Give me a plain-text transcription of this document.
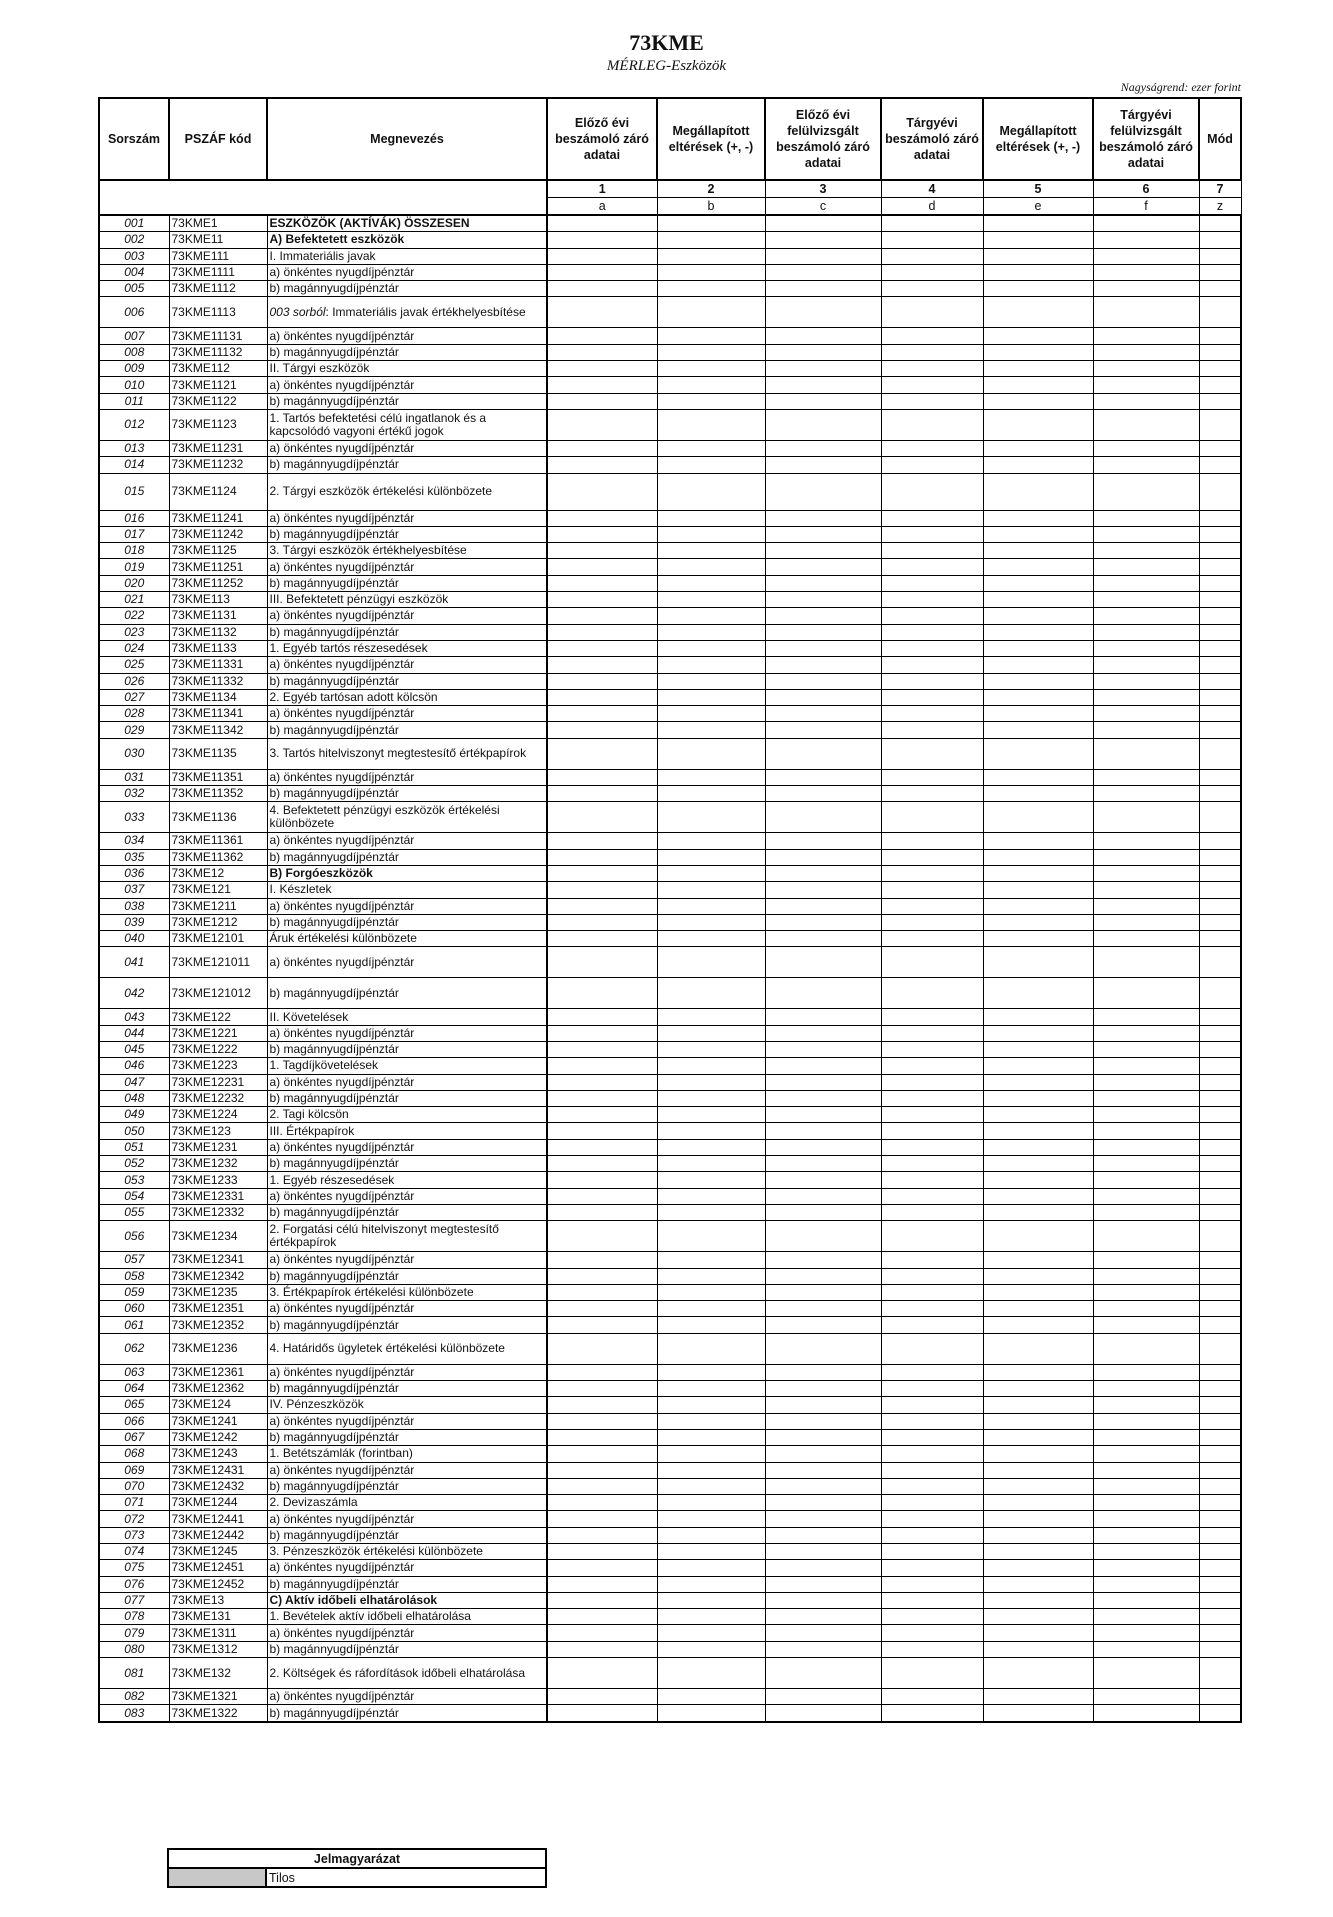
73KME
MÉRLEG-Eszközök
Nagyságrend: ezer forint
Sorszám	PSZÁF kód	Megnevezés	Előző évi beszámoló záró adatai	Megállapított eltérések (+, -)	Előző évi felülvizsgált beszámoló záró adatai	Tárgyévi beszámoló záró adatai	Megállapított eltérések (+, -)	Tárgyévi felülvizsgált beszámoló záró adatai	Mód
			1	2	3	4	5	6	7
			a	b	c	d	e	f	z
001	73KME1	ESZKÖZÖK (AKTÍVÁK) ÖSSZESEN							
002	73KME11	A) Befektetett eszközök							
003	73KME111	I. Immateriális javak							
004	73KME1111	a) önkéntes nyugdíjpénztár							
005	73KME1112	b) magánnyugdíjpénztár							
006	73KME1113	003 sorból: Immateriális javak értékhelyesbítése							
007	73KME11131	a) önkéntes nyugdíjpénztár							
008	73KME11132	b) magánnyugdíjpénztár							
009	73KME112	II. Tárgyi eszközök							
010	73KME1121	a) önkéntes nyugdíjpénztár							
011	73KME1122	b) magánnyugdíjpénztár							
012	73KME1123	1. Tartós befektetési célú ingatlanok és a kapcsolódó vagyoni értékű jogok							
013	73KME11231	a) önkéntes nyugdíjpénztár							
014	73KME11232	b) magánnyugdíjpénztár							
015	73KME1124	2. Tárgyi eszközök értékelési különbözete							
016	73KME11241	a) önkéntes nyugdíjpénztár							
017	73KME11242	b) magánnyugdíjpénztár							
018	73KME1125	3. Tárgyi eszközök értékhelyesbítése							
019	73KME11251	a) önkéntes nyugdíjpénztár							
020	73KME11252	b) magánnyugdíjpénztár							
021	73KME113	III. Befektetett pénzügyi eszközök							
022	73KME1131	a) önkéntes nyugdíjpénztár							
023	73KME1132	b) magánnyugdíjpénztár							
024	73KME1133	1. Egyéb tartós részesedések							
025	73KME11331	a) önkéntes nyugdíjpénztár							
026	73KME11332	b) magánnyugdíjpénztár							
027	73KME1134	2. Egyéb tartósan adott kölcsön							
028	73KME11341	a) önkéntes nyugdíjpénztár							
029	73KME11342	b) magánnyugdíjpénztár							
030	73KME1135	3. Tartós hitelviszonyt megtestesítő értékpapírok							
031	73KME11351	a) önkéntes nyugdíjpénztár							
032	73KME11352	b) magánnyugdíjpénztár							
033	73KME1136	4. Befektetett pénzügyi eszközök értékelési különbözete							
034	73KME11361	a) önkéntes nyugdíjpénztár							
035	73KME11362	b) magánnyugdíjpénztár							
036	73KME12	B) Forgóeszközök							
037	73KME121	I. Készletek							
038	73KME1211	a) önkéntes nyugdíjpénztár							
039	73KME1212	b) magánnyugdíjpénztár							
040	73KME12101	Áruk értékelési különbözete							
041	73KME121011	a) önkéntes nyugdíjpénztár							
042	73KME121012	b) magánnyugdíjpénztár							
043	73KME122	II. Követelések							
044	73KME1221	a) önkéntes nyugdíjpénztár							
045	73KME1222	b) magánnyugdíjpénztár							
046	73KME1223	1. Tagdíjkövetelések							
047	73KME12231	a) önkéntes nyugdíjpénztár							
048	73KME12232	b) magánnyugdíjpénztár							
049	73KME1224	2. Tagi kölcsön							
050	73KME123	III. Értékpapírok							
051	73KME1231	a) önkéntes nyugdíjpénztár							
052	73KME1232	b) magánnyugdíjpénztár							
053	73KME1233	1. Egyéb részesedések							
054	73KME12331	a) önkéntes nyugdíjpénztár							
055	73KME12332	b) magánnyugdíjpénztár							
056	73KME1234	2. Forgatási célú hitelviszonyt megtestesítő értékpapírok							
057	73KME12341	a) önkéntes nyugdíjpénztár							
058	73KME12342	b) magánnyugdíjpénztár							
059	73KME1235	3. Értékpapírok értékelési különbözete							
060	73KME12351	a) önkéntes nyugdíjpénztár							
061	73KME12352	b) magánnyugdíjpénztár							
062	73KME1236	4. Határidős ügyletek értékelési különbözete							
063	73KME12361	a) önkéntes nyugdíjpénztár							
064	73KME12362	b) magánnyugdíjpénztár							
065	73KME124	IV. Pénzeszközök							
066	73KME1241	a) önkéntes nyugdíjpénztár							
067	73KME1242	b) magánnyugdíjpénztár							
068	73KME1243	1. Betétszámlák (forintban)							
069	73KME12431	a) önkéntes nyugdíjpénztár							
070	73KME12432	b) magánnyugdíjpénztár							
071	73KME1244	2. Devizaszámla							
072	73KME12441	a) önkéntes nyugdíjpénztár							
073	73KME12442	b) magánnyugdíjpénztár							
074	73KME1245	3. Pénzeszközök értékelési különbözete							
075	73KME12451	a) önkéntes nyugdíjpénztár							
076	73KME12452	b) magánnyugdíjpénztár							
077	73KME13	C) Aktív időbeli elhatárolások							
078	73KME131	1. Bevételek aktív időbeli elhatárolása							
079	73KME1311	a) önkéntes nyugdíjpénztár							
080	73KME1312	b) magánnyugdíjpénztár							
081	73KME132	2. Költségek és ráfordítások időbeli elhatárolása							
082	73KME1321	a) önkéntes nyugdíjpénztár							
083	73KME1322	b) magánnyugdíjpénztár							
Jelmagyarázat
	Tilos
